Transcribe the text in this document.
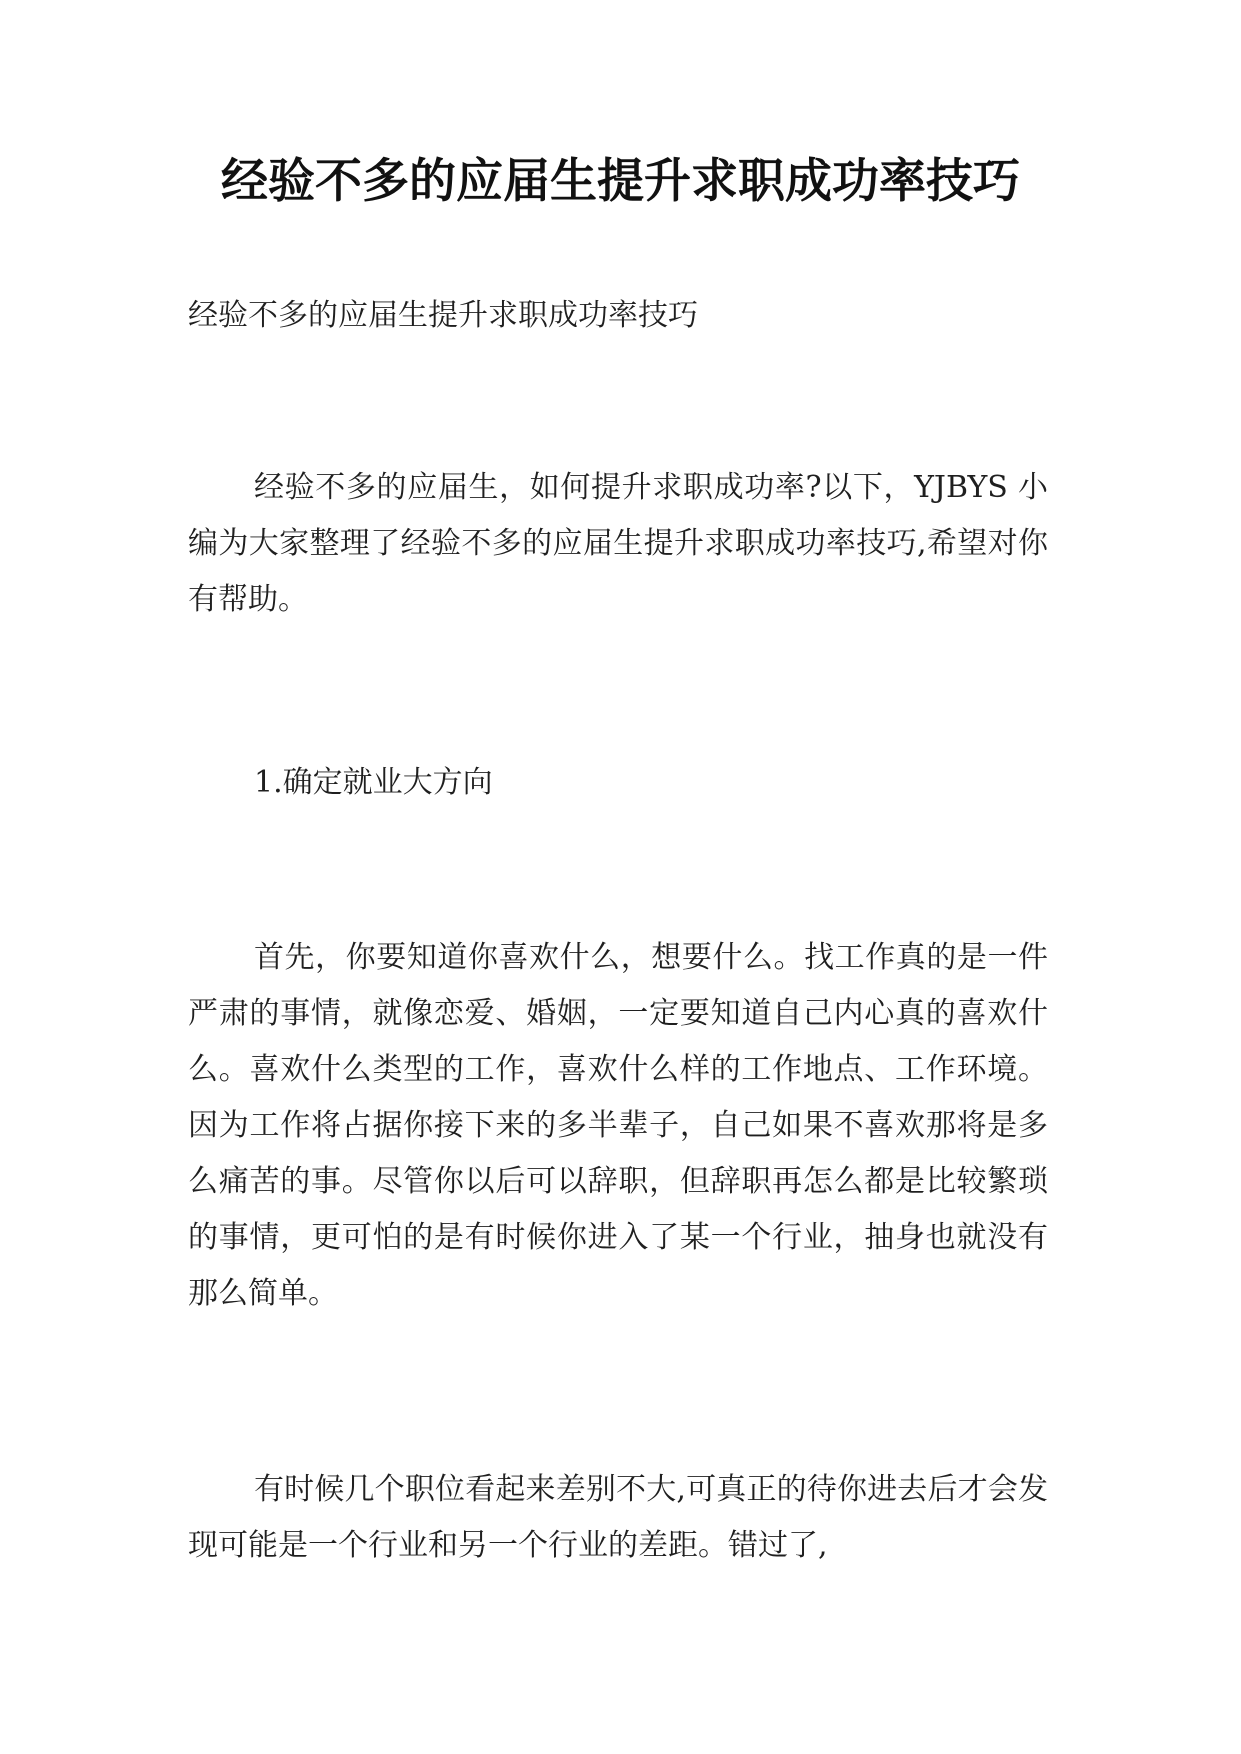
经验不多的应届生提升求职成功率技巧

经验不多的应届生提升求职成功率技巧

经验不多的应届生，如何提升求职成功率?以下，YJBYS 小编为大家整理了经验不多的应届生提升求职成功率技巧,希望对你有帮助。

1.确定就业大方向

首先，你要知道你喜欢什么，想要什么。找工作真的是一件严肃的事情，就像恋爱、婚姻，一定要知道自己内心真的喜欢什么。喜欢什么类型的工作，喜欢什么样的工作地点、工作环境。因为工作将占据你接下来的多半辈子，自己如果不喜欢那将是多么痛苦的事。尽管你以后可以辞职，但辞职再怎么都是比较繁琐的事情，更可怕的是有时候你进入了某一个行业，抽身也就没有那么简单。

有时候几个职位看起来差别不大,可真正的待你进去后才会发现可能是一个行业和另一个行业的差距。错过了,
